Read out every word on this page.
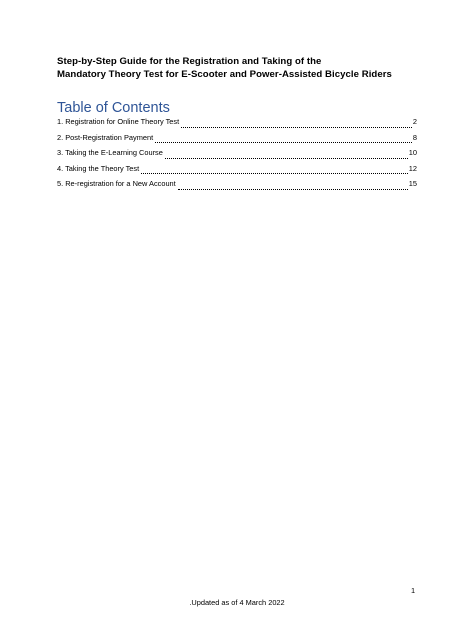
Step-by-Step Guide for the Registration and Taking of the
Mandatory Theory Test for E-Scooter and Power-Assisted Bicycle Riders
Table of Contents
1. Registration for Online Theory Test	2
2. Post-Registration Payment	8
3. Taking the E-Learning Course	10
4. Taking the Theory Test	12
5. Re-registration for a New Account	15
1
.Updated as of 4 March 2022
